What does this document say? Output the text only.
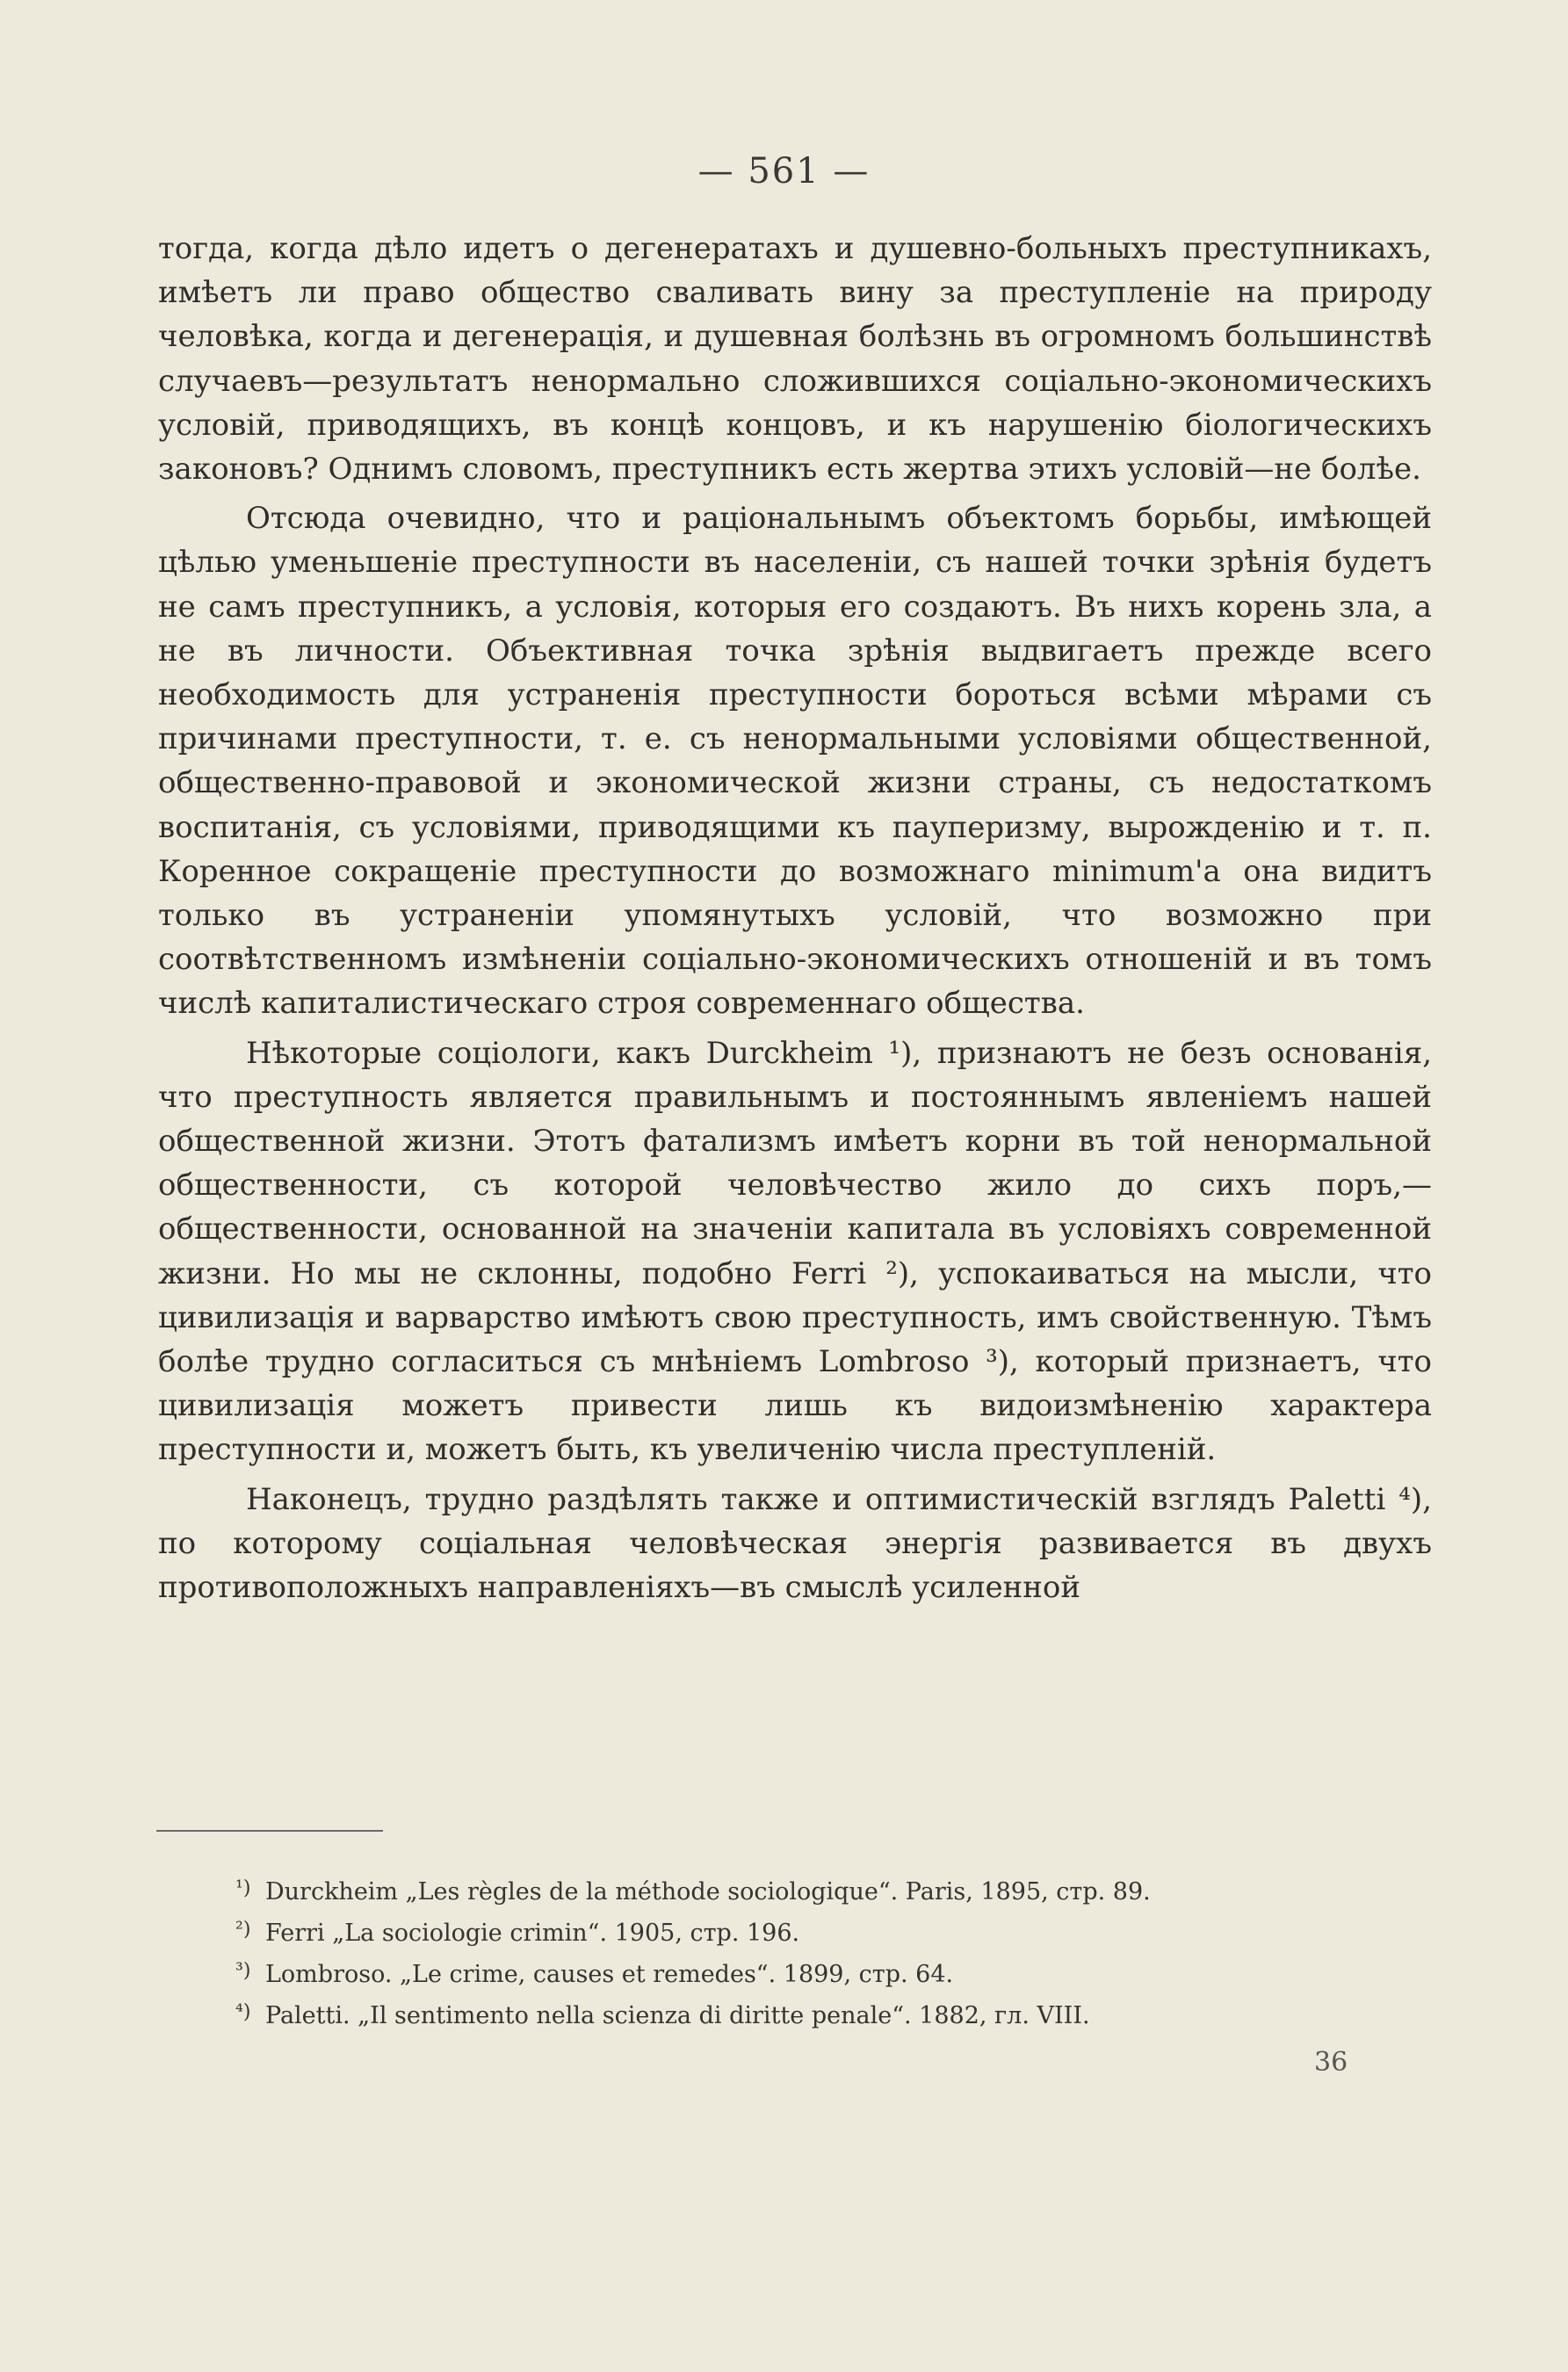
— 561 —

тогда, когда дѣло идетъ о дегенератахъ и душевно-больныхъ преступникахъ, имѣетъ ли право общество сваливать вину за преступленіе на природу человѣка, когда и дегенерація, и душевная болѣзнь въ огромномъ большинствѣ случаевъ—результатъ ненормально сложившихся соціально-экономическихъ условій, приводящихъ, въ концѣ концовъ, и къ нарушенію біологическихъ законовъ? Однимъ словомъ, преступникъ есть жертва этихъ условій—не болѣе.

Отсюда очевидно, что и раціональнымъ объектомъ борьбы, имѣющей цѣлью уменьшеніе преступности въ населеніи, съ нашей точки зрѣнія будетъ не самъ преступникъ, а условія, которыя его создаютъ. Въ нихъ корень зла, а не въ личности. Объективная точка зрѣнія выдвигаетъ прежде всего необходимость для устраненія преступности бороться всѣми мѣрами съ причинами преступности, т. е. съ ненормальными условіями общественной, общественно-правовой и экономической жизни страны, съ недостаткомъ воспитанія, съ условіями, приводящими къ пауперизму, вырожденію и т. п. Коренное сокращеніе преступности до возможнаго minimum'а она видитъ только въ устраненіи упомянутыхъ условій, что возможно при соотвѣтственномъ измѣненіи соціально-экономическихъ отношеній и въ томъ числѣ капиталистическаго строя современнаго общества.

Нѣкоторые соціологи, какъ Durckheim ¹), признаютъ не безъ основанія, что преступность является правильнымъ и постояннымъ явленіемъ нашей общественной жизни. Этотъ фатализмъ имѣетъ корни въ той ненормальной общественности, съ которой человѣчество жило до сихъ поръ,—общественности, основанной на значеніи капитала въ условіяхъ современной жизни. Но мы не склонны, подобно Ferri ²), успокаиваться на мысли, что цивилизація и варварство имѣютъ свою преступность, имъ свойственную. Тѣмъ болѣе трудно согласиться съ мнѣніемъ Lombroso ³), который признаетъ, что цивилизація можетъ привести лишь къ видоизмѣненію характера преступности и, можетъ быть, къ увеличенію числа преступленій.

Наконецъ, трудно раздѣлять также и оптимистическій взглядъ Paletti ⁴), по которому соціальная человѣческая энергія развивается въ двухъ противоположныхъ направленіяхъ—въ смыслѣ усиленной

¹) Durckheim „Les règles de la méthode sociologique“. Paris, 1895, стр. 89.
²) Ferri „La sociologie crimin“. 1905, стр. 196.
³) Lombroso. „Le crime, causes et remedes“. 1899, стр. 64.
⁴) Paletti. „Il sentimento nella scienza di diritte penale“. 1882, гл. VIII.
36
